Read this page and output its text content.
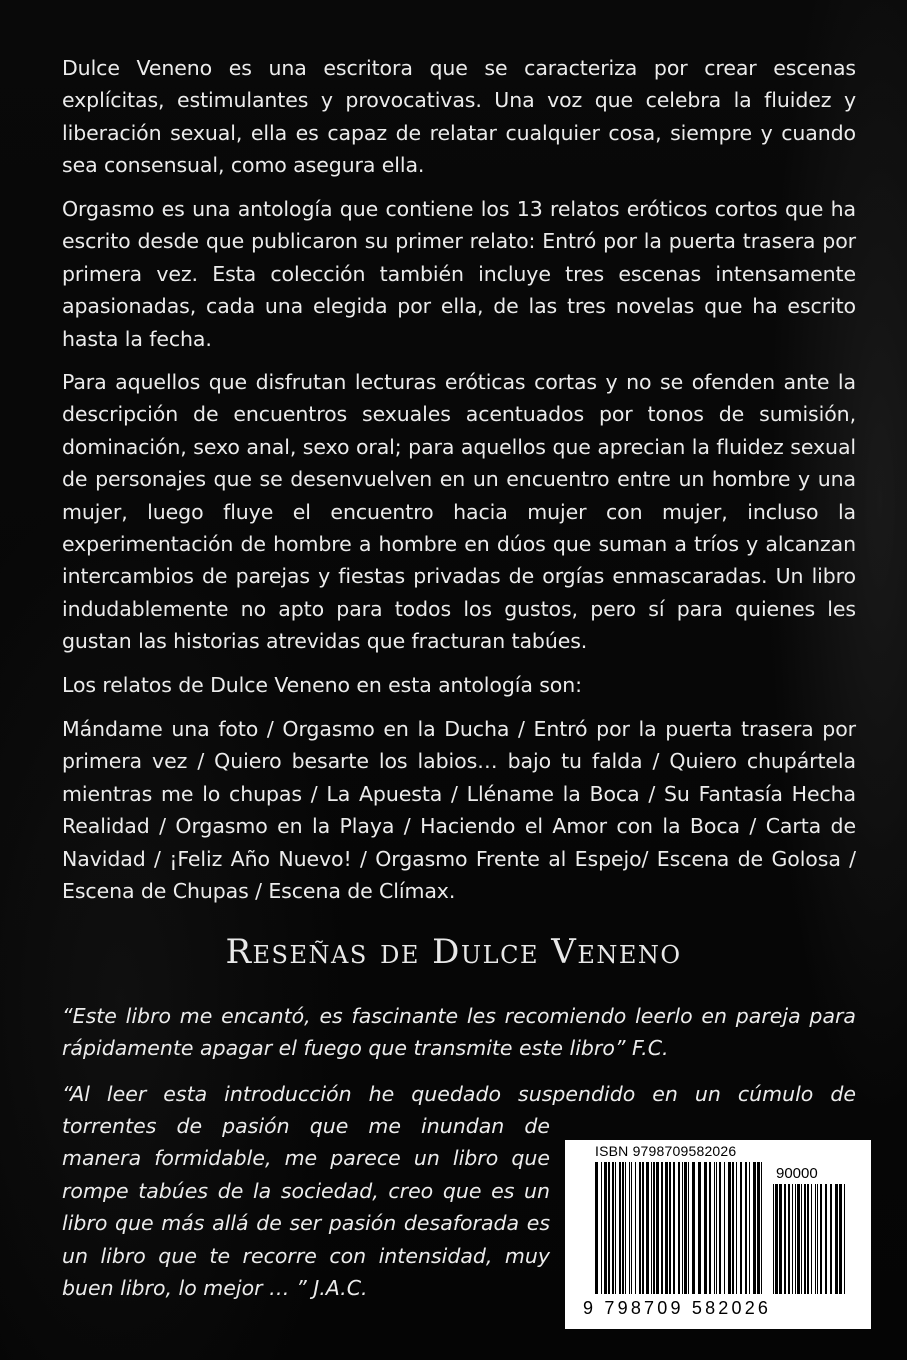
Dulce Veneno es una escritora que se caracteriza por crear escenas explícitas, estimulantes y provocativas. Una voz que celebra la fluidez y liberación sexual, ella es capaz de relatar cualquier cosa, siempre y cuando sea consensual, como asegura ella.

Orgasmo es una antología que contiene los 13 relatos eróticos cortos que ha escrito desde que publicaron su primer relato: Entró por la puerta trasera por primera vez. Esta colección también incluye tres escenas intensamente apasionadas, cada una elegida por ella, de las tres novelas que ha escrito hasta la fecha.

Para aquellos que disfrutan lecturas eróticas cortas y no se ofenden ante la descripción de encuentros sexuales acentuados por tonos de sumisión, dominación, sexo anal, sexo oral; para aquellos que aprecian la fluidez sexual de personajes que se desenvuelven en un encuentro entre un hombre y una mujer, luego fluye el encuentro hacia mujer con mujer, incluso la experimentación de hombre a hombre en dúos que suman a tríos y alcanzan intercambios de parejas y fiestas privadas de orgías enmascaradas. Un libro indudablemente no apto para todos los gustos, pero sí para quienes les gustan las historias atrevidas que fracturan tabúes.

Los relatos de Dulce Veneno en esta antología son:

Mándame una foto / Orgasmo en la Ducha / Entró por la puerta trasera por primera vez / Quiero besarte los labios… bajo tu falda / Quiero chupártela mientras me lo chupas / La Apuesta / Lléname la Boca / Su Fantasía Hecha Realidad / Orgasmo en la Playa / Haciendo el Amor con la Boca / Carta de Navidad / ¡Feliz Año Nuevo! / Orgasmo Frente al Espejo/ Escena de Golosa / Escena de Chupas / Escena de Clímax.

Reseñas de Dulce Veneno

“Este libro me encantó, es fascinante les recomiendo leerlo en pareja para rápidamente apagar el fuego que transmite este libro” F.C.

“Al leer esta introducción he quedado suspendido en un cúmulo de

torrentes de pasión que me inundan de manera formidable, me parece un libro que rompe tabúes de la sociedad, creo que es un libro que más allá de ser pasión desaforada es un libro que te recorre con intensidad, muy buen libro, lo mejor … ” J.A.C.

ISBN 9798709582026
90000
9 798709 582026
